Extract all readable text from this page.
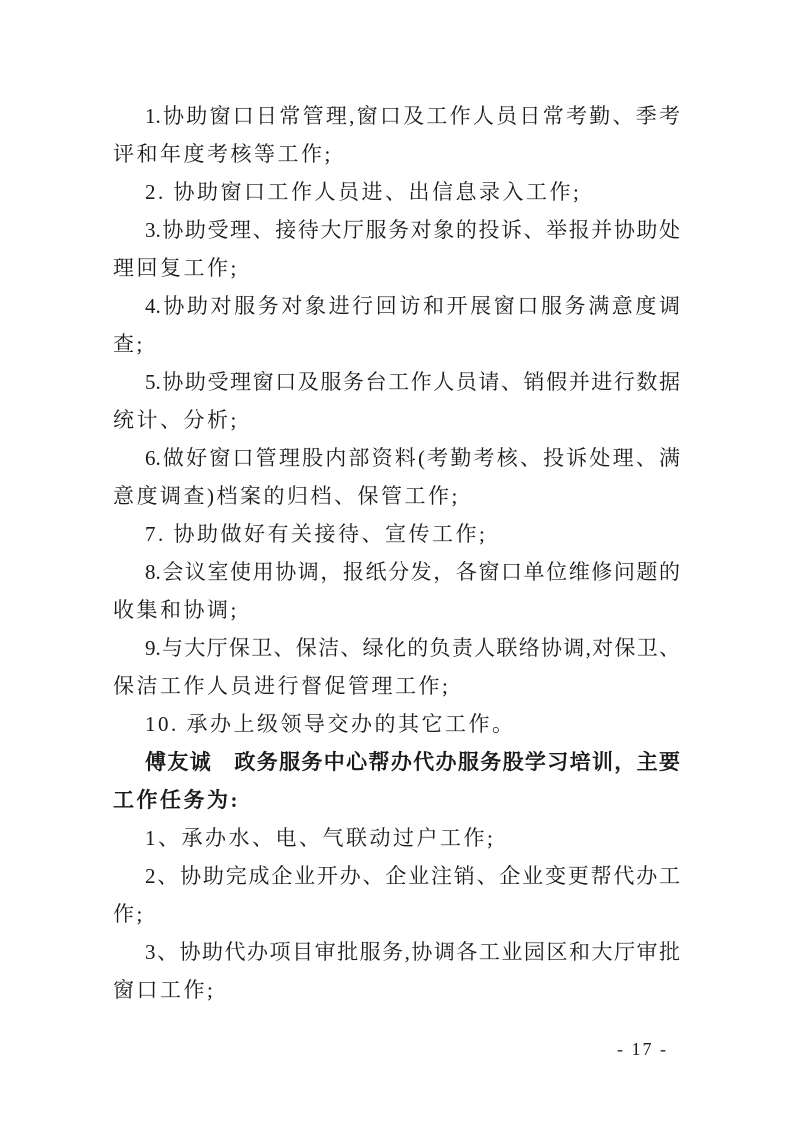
1.协助窗口日常管理,窗口及工作人员日常考勤、季考
评和年度考核等工作;
2. 协助窗口工作人员进、出信息录入工作;
3.协助受理、接待大厅服务对象的投诉、举报并协助处
理回复工作;
4.协助对服务对象进行回访和开展窗口服务满意度调
查;
5.协助受理窗口及服务台工作人员请、销假并进行数据
统计、分析;
6.做好窗口管理股内部资料(考勤考核、投诉处理、满
意度调查)档案的归档、保管工作;
7. 协助做好有关接待、宣传工作;
8.会议室使用协调，报纸分发，各窗口单位维修问题的
收集和协调;
9.与大厅保卫、保洁、绿化的负责人联络协调,对保卫、
保洁工作人员进行督促管理工作;
10. 承办上级领导交办的其它工作。
傅友诚　政务服务中心帮办代办服务股学习培训，主要
工作任务为:
1、承办水、电、气联动过户工作;
2、协助完成企业开办、企业注销、企业变更帮代办工
作;
3、协助代办项目审批服务,协调各工业园区和大厅审批
窗口工作;
- 17 -
